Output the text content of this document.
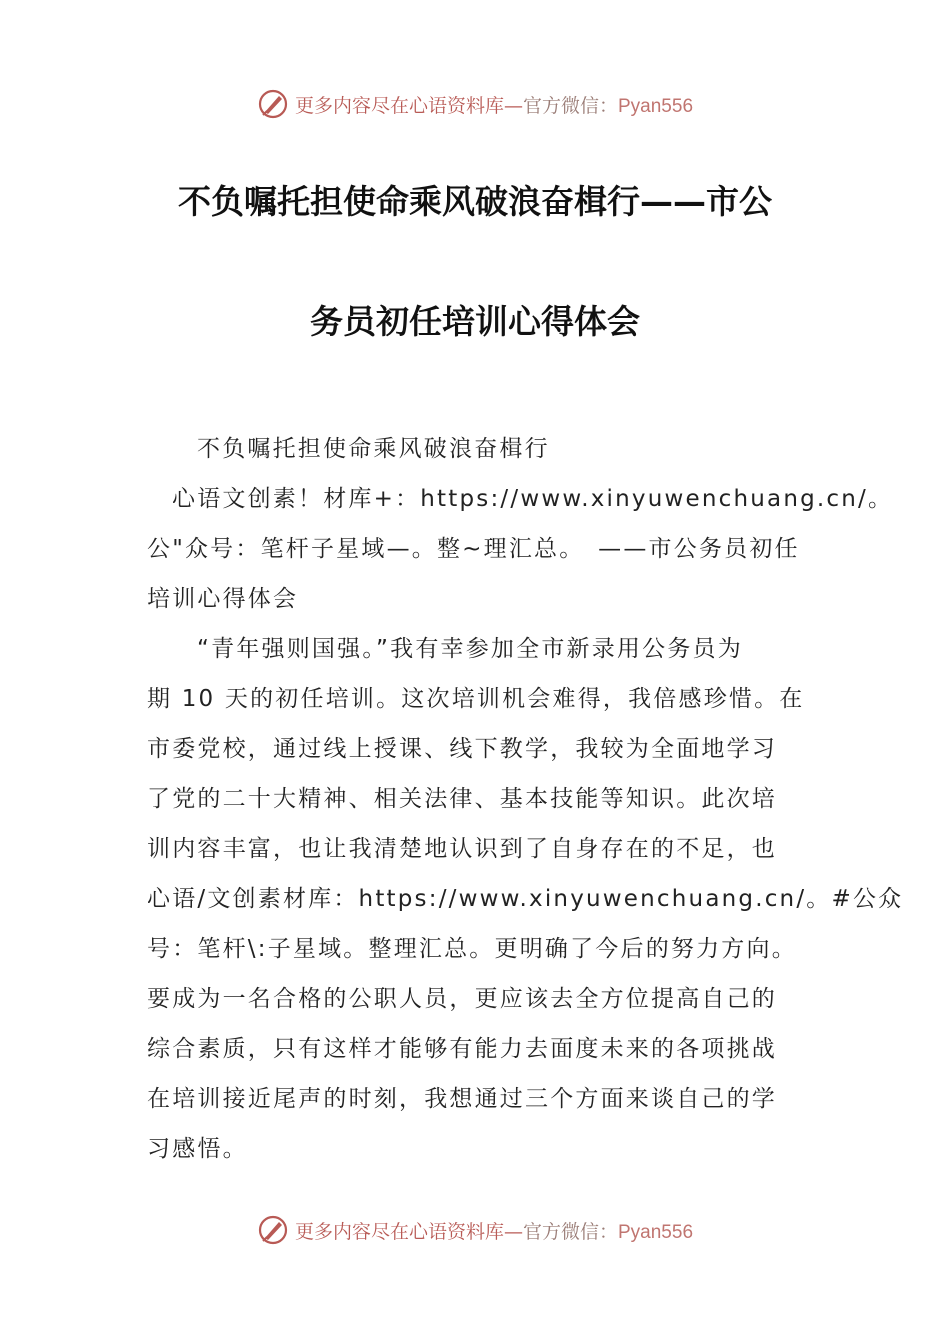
更多内容尽在心语资料库—官方微信：Pyan556
不负嘱托担使命乘风破浪奋楫行——市公
务员初任培训心得体会
不负嘱托担使命乘风破浪奋楫行
心语文创素！材库+：https://www.xinyuwenchuang.cn/。
公"众号：笔杆子星域—。整~理汇总。　——市公务员初任
培训心得体会
“青年强则国强。”我有幸参加全市新录用公务员为
期 10 天的初任培训。这次培训机会难得，我倍感珍惜。在
市委党校，通过线上授课、线下教学，我较为全面地学习
了党的二十大精神、相关法律、基本技能等知识。此次培
训内容丰富，也让我清楚地认识到了自身存在的不足，也
心语/文创素材库：https://www.xinyuwenchuang.cn/。#公众
号：笔杆\:子星域。整理汇总。更明确了今后的努力方向。
要成为一名合格的公职人员，更应该去全方位提高自己的
综合素质，只有这样才能够有能力去面度未来的各项挑战
在培训接近尾声的时刻，我想通过三个方面来谈自己的学
习感悟。
更多内容尽在心语资料库—官方微信：Pyan556
